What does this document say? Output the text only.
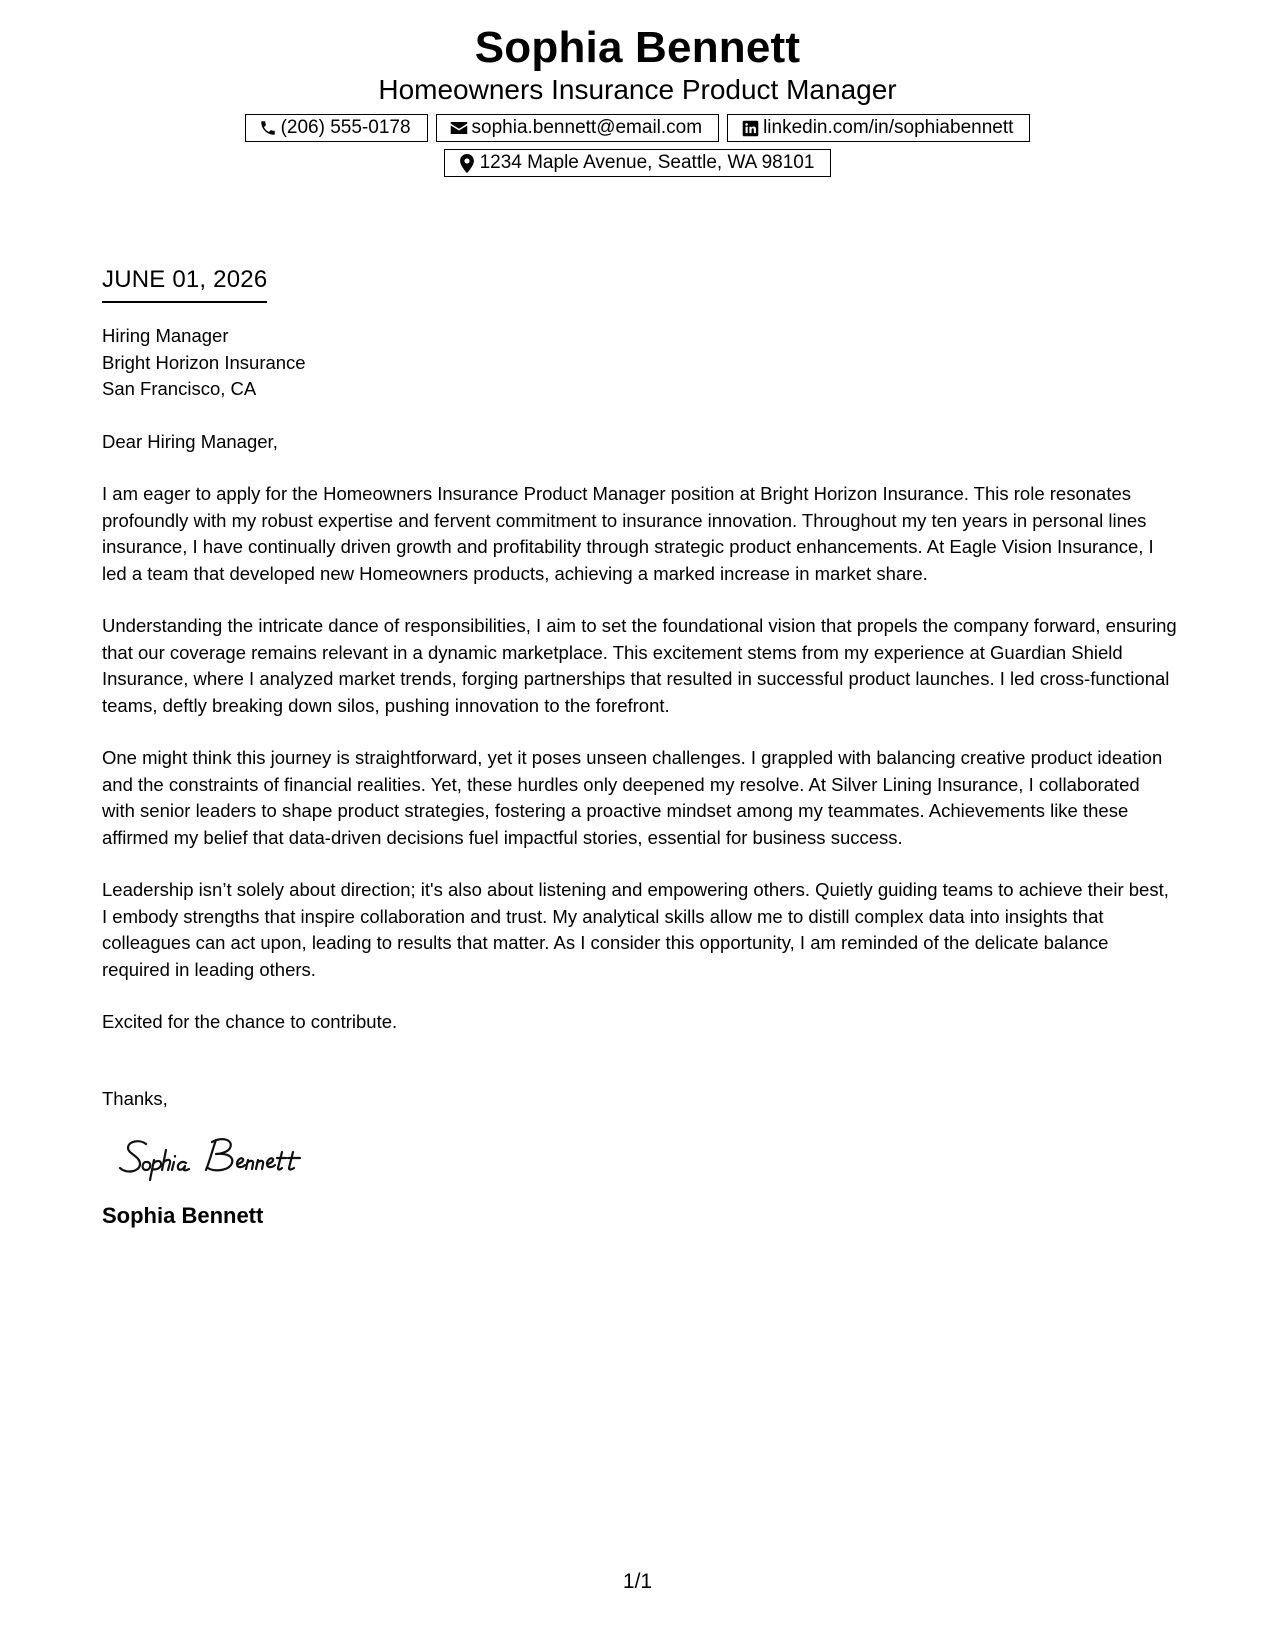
Sophia Bennett

Homeowners Insurance Product Manager

(206) 555-0178	sophia.bennett@email.com	linkedin.com/in/sophiabennett
1234 Maple Avenue, Seattle, WA 98101
JUNE 01, 2026
Hiring Manager
Bright Horizon Insurance
San Francisco, CA
Dear Hiring Manager,

I am eager to apply for the Homeowners Insurance Product Manager position at Bright Horizon Insurance. This role resonates profoundly with my robust expertise and fervent commitment to insurance innovation. Throughout my ten years in personal lines insurance, I have continually driven growth and profitability through strategic product enhancements. At Eagle Vision Insurance, I led a team that developed new Homeowners products, achieving a marked increase in market share.

Understanding the intricate dance of responsibilities, I aim to set the foundational vision that propels the company forward, ensuring that our coverage remains relevant in a dynamic marketplace. This excitement stems from my experience at Guardian Shield Insurance, where I analyzed market trends, forging partnerships that resulted in successful product launches. I led cross-functional teams, deftly breaking down silos, pushing innovation to the forefront.

One might think this journey is straightforward, yet it poses unseen challenges. I grappled with balancing creative product ideation and the constraints of financial realities. Yet, these hurdles only deepened my resolve. At Silver Lining Insurance, I collaborated with senior leaders to shape product strategies, fostering a proactive mindset among my teammates. Achievements like these affirmed my belief that data-driven decisions fuel impactful stories, essential for business success.

Leadership isn’t solely about direction; it's also about listening and empowering others. Quietly guiding teams to achieve their best, I embody strengths that inspire collaboration and trust. My analytical skills allow me to distill complex data into insights that colleagues can act upon, leading to results that matter. As I consider this opportunity, I am reminded of the delicate balance required in leading others.

Excited for the chance to contribute.
Thanks,
Sophia Bennett
1/1
